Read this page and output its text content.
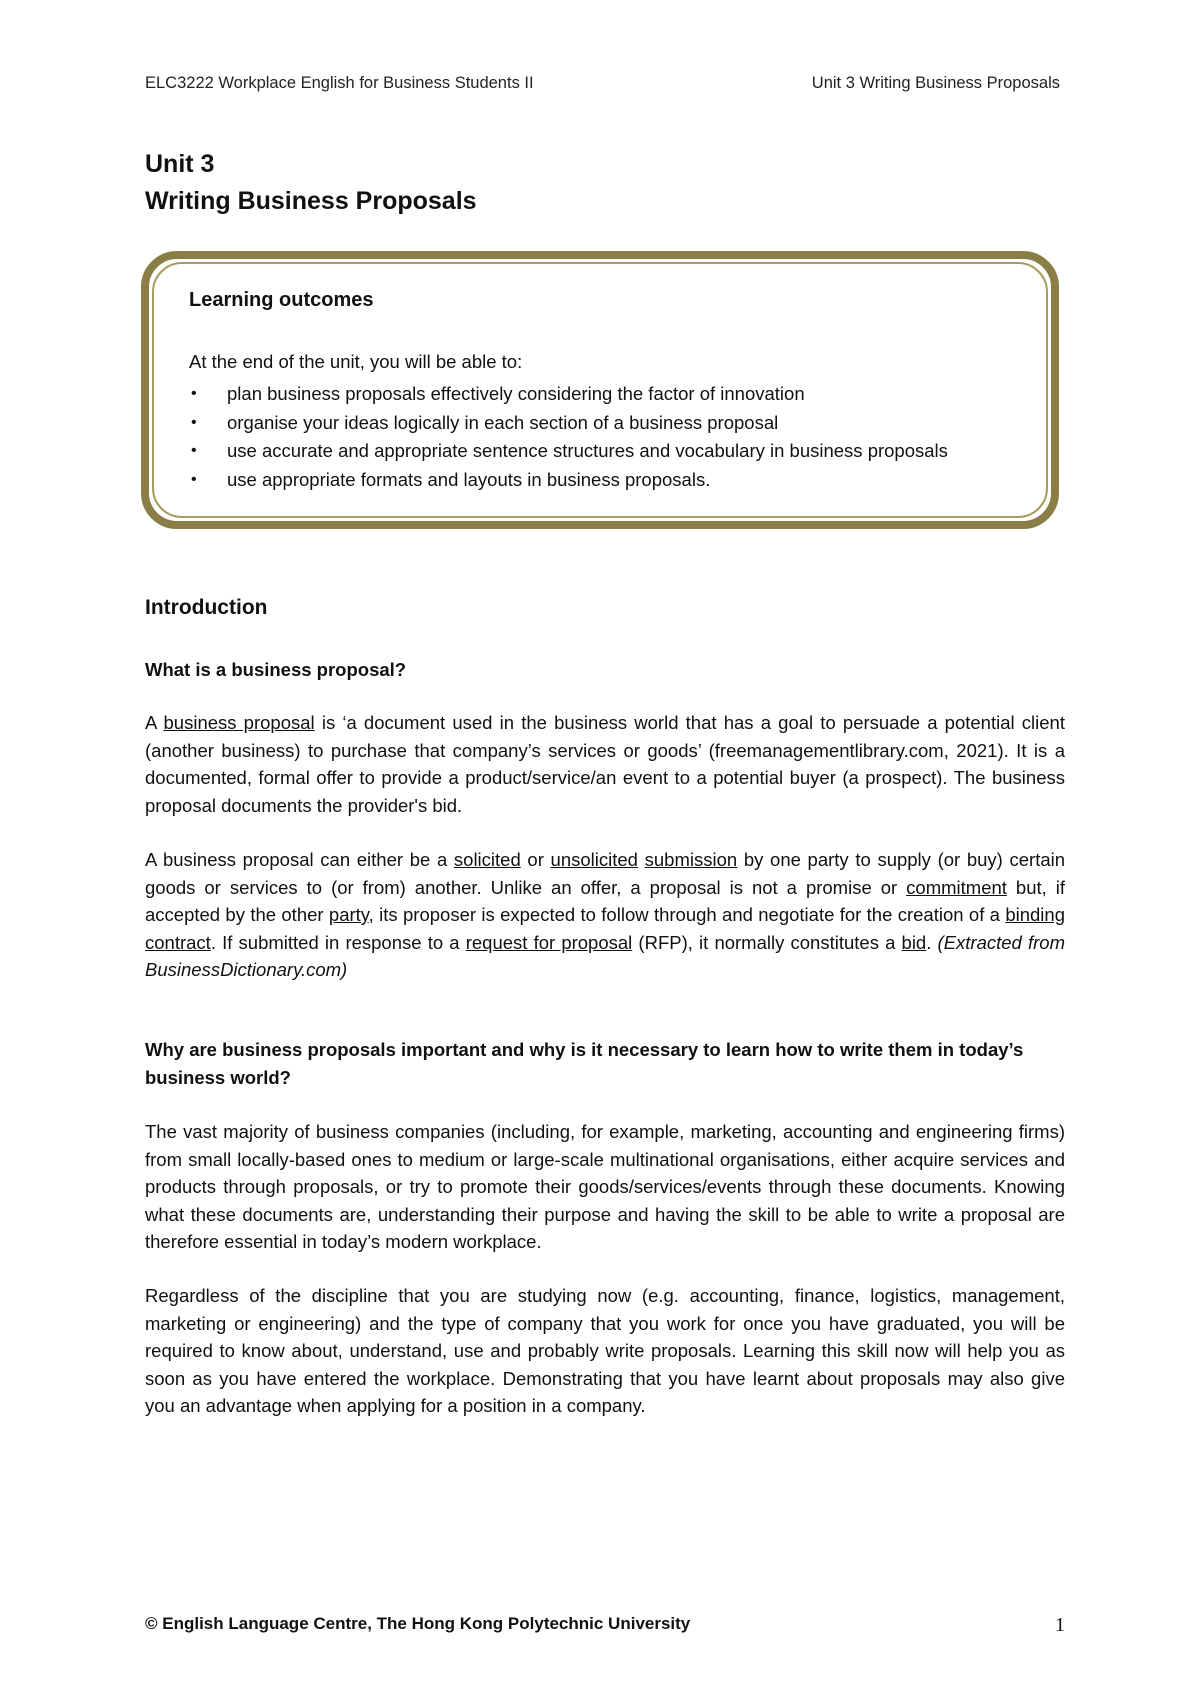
ELC3222 Workplace English for Business Students II	Unit 3 Writing Business Proposals
Unit 3
Writing Business Proposals
Learning outcomes
At the end of the unit, you will be able to:
• plan business proposals effectively considering the factor of innovation
• organise your ideas logically in each section of a business proposal
• use accurate and appropriate sentence structures and vocabulary in business proposals
• use appropriate formats and layouts in business proposals.
Introduction
What is a business proposal?
A business proposal is ‘a document used in the business world that has a goal to persuade a potential client (another business) to purchase that company’s services or goods’ (freemanagementlibrary.com, 2021). It is a documented, formal offer to provide a product/service/an event to a potential buyer (a prospect). The business proposal documents the provider's bid.
A business proposal can either be a solicited or unsolicited submission by one party to supply (or buy) certain goods or services to (or from) another. Unlike an offer, a proposal is not a promise or commitment but, if accepted by the other party, its proposer is expected to follow through and negotiate for the creation of a binding contract. If submitted in response to a request for proposal (RFP), it normally constitutes a bid. (Extracted from BusinessDictionary.com)
Why are business proposals important and why is it necessary to learn how to write them in today’s business world?
The vast majority of business companies (including, for example, marketing, accounting and engineering firms) from small locally-based ones to medium or large-scale multinational organisations, either acquire services and products through proposals, or try to promote their goods/services/events through these documents. Knowing what these documents are, understanding their purpose and having the skill to be able to write a proposal are therefore essential in today’s modern workplace.
Regardless of the discipline that you are studying now (e.g. accounting, finance, logistics, management, marketing or engineering) and the type of company that you work for once you have graduated, you will be required to know about, understand, use and probably write proposals. Learning this skill now will help you as soon as you have entered the workplace. Demonstrating that you have learnt about proposals may also give you an advantage when applying for a position in a company.
© English Language Centre, The Hong Kong Polytechnic University	1
